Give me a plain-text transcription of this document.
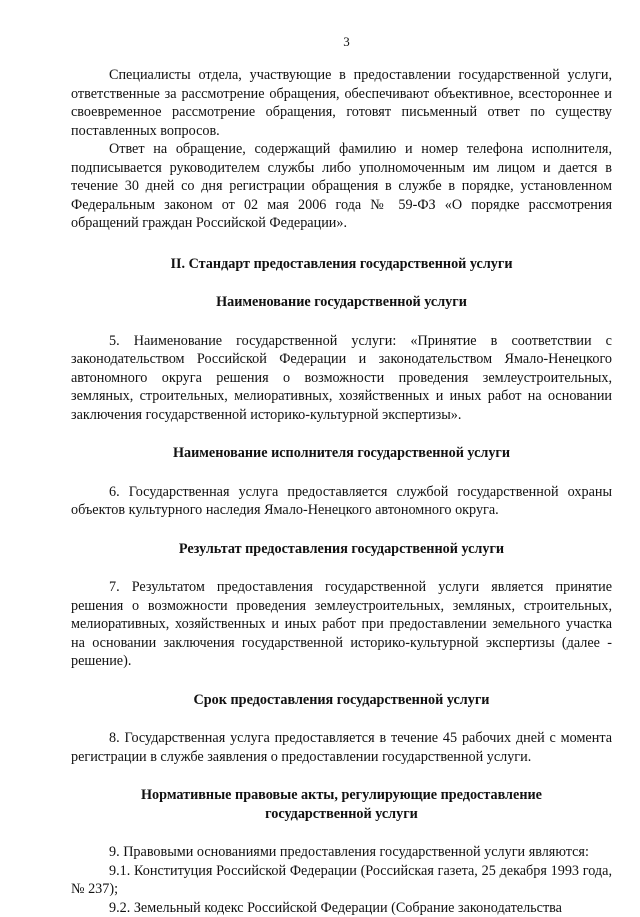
3

Специалисты отдела, участвующие в предоставлении государственной услуги, ответственные за рассмотрение обращения, обеспечивают объективное, всестороннее и своевременное рассмотрение обращения, готовят письменный ответ по существу поставленных вопросов.

Ответ на обращение, содержащий фамилию и номер телефона исполнителя, подписывается руководителем службы либо уполномоченным им лицом и дается в течение 30 дней со дня регистрации обращения в службе в порядке, установленном Федеральным законом от 02 мая 2006 года № 59-ФЗ «О порядке рассмотрения обращений граждан Российской Федерации».

II. Стандарт предоставления государственной услуги
Наименование государственной услуги

5. Наименование государственной услуги: «Принятие в соответствии с законодательством Российской Федерации и законодательством Ямало-Ненецкого автономного округа решения о возможности проведения землеустроительных, земляных, строительных, мелиоративных, хозяйственных и иных работ на основании заключения государственной историко-культурной экспертизы».

Наименование исполнителя государственной услуги

6. Государственная услуга предоставляется службой государственной охраны объектов культурного наследия Ямало-Ненецкого автономного округа.

Результат предоставления государственной услуги

7. Результатом предоставления государственной услуги является принятие решения о возможности проведения землеустроительных, земляных, строительных, мелиоративных, хозяйственных и иных работ при предоставлении земельного участка на основании заключения государственной историко-культурной экспертизы (далее - решение).

Срок предоставления государственной услуги

8. Государственная услуга предоставляется в течение 45 рабочих дней с момента регистрации в службе заявления о предоставлении государственной услуги.

Нормативные правовые акты, регулирующие предоставление
государственной услуги

9. Правовыми основаниями предоставления государственной услуги являются:

9.1. Конституция Российской Федерации (Российская газета, 25 декабря 1993 года, № 237);

9.2. Земельный кодекс Российской Федерации (Собрание законодательства
